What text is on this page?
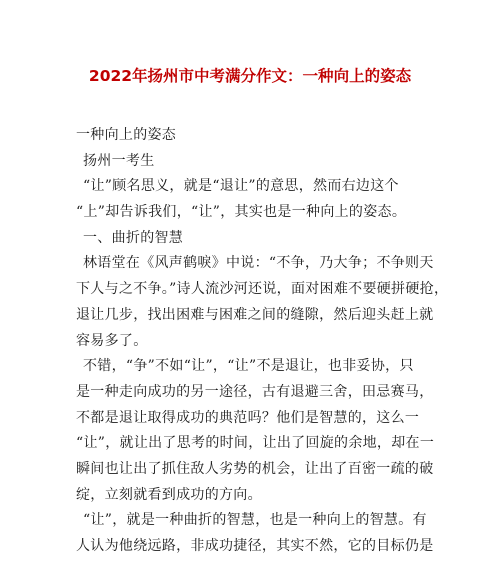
2022年扬州市中考满分作文：一种向上的姿态
一种向上的姿态
扬州一考生
“让”顾名思义，就是“退让”的意思，然而右边这个
“上”却告诉我们，“让”，其实也是一种向上的姿态。
一、曲折的智慧
林语堂在《风声鹤唳》中说：“不争，乃大争；不争则天
下人与之不争。”诗人流沙河还说，面对困难不要硬拼硬抢，
退让几步，找出困难与困难之间的缝隙，然后迎头赶上就
容易多了。
不错，“争”不如“让”，“让”不是退让，也非妥协，只
是一种走向成功的另一途径，古有退避三舍，田忌赛马，
不都是退让取得成功的典范吗？他们是智慧的，这么一
“让”，就让出了思考的时间，让出了回旋的余地，却在一
瞬间也让出了抓住敌人劣势的机会，让出了百密一疏的破
绽，立刻就看到成功的方向。
“让”，就是一种曲折的智慧，也是一种向上的智慧。有
人认为他绕远路，非成功捷径，其实不然，它的目标仍是
